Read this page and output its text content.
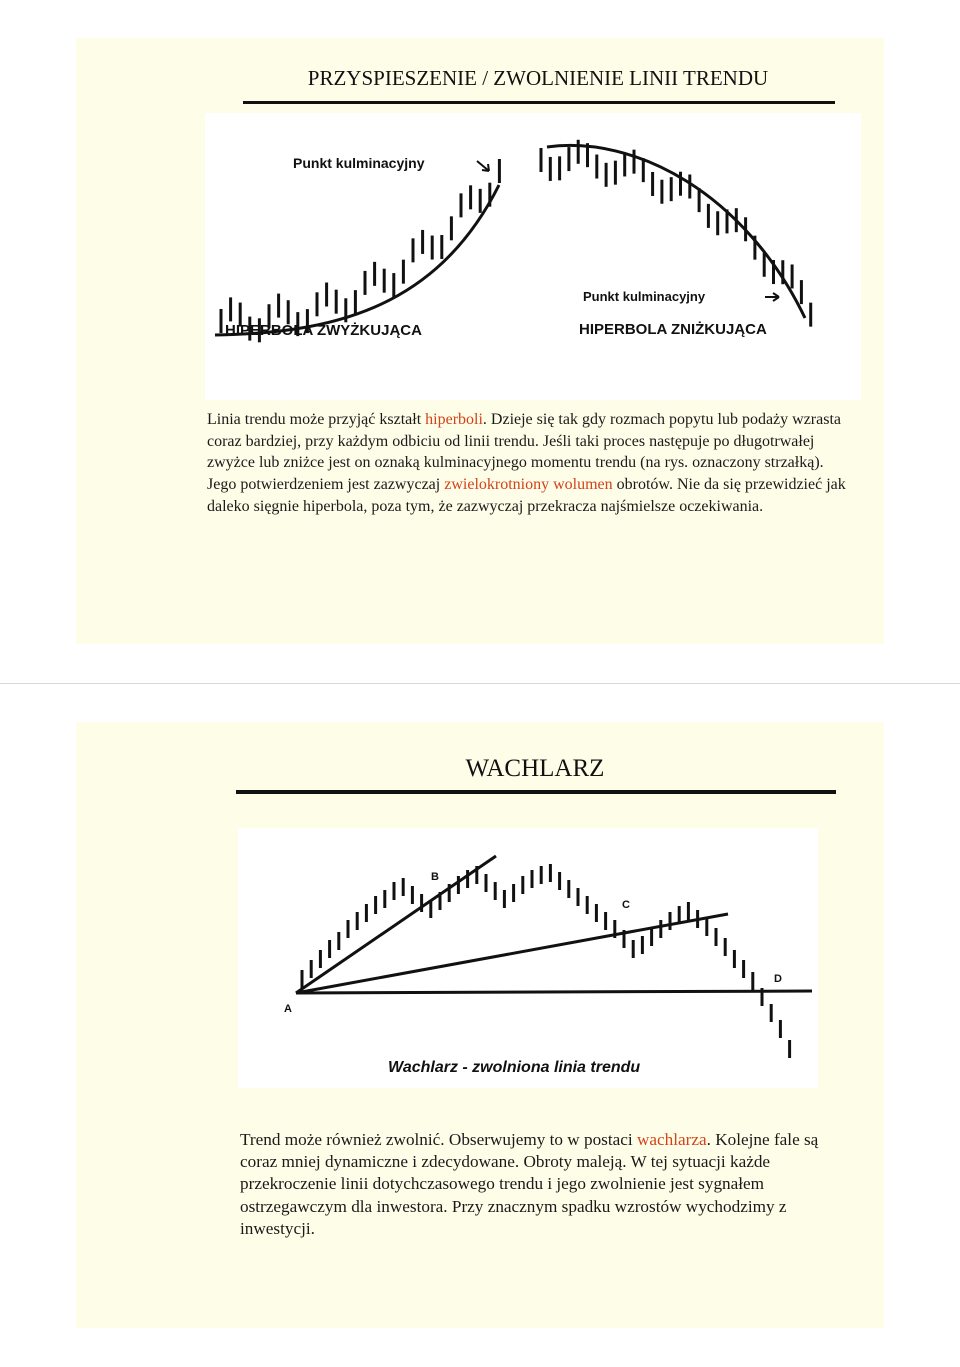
PRZYSPIESZENIE / ZWOLNIENIE LINII TRENDU
Punkt kulminacyjny
Punkt kulminacyjny
HIPERBOLA ZWYŻKUJĄCA	HIPERBOLA ZNIŻKUJĄCA
Linia trendu może przyjąć kształt hiperboli. Dzieje się tak gdy rozmach popytu lub podaży wzrasta coraz bardziej, przy każdym odbiciu od linii trendu. Jeśli taki proces następuje po długotrwałej zwyżce lub zniżce jest on oznaką kulminacyjnego momentu trendu (na rys. oznaczony strzałką). Jego potwierdzeniem jest zazwyczaj zwielokrotniony wolumen obrotów. Nie da się przewidzieć jak daleko sięgnie hiperbola, poza tym, że zazwyczaj przekracza najśmielsze oczekiwania.
WACHLARZ
A
B
C
D
Wachlarz - zwolniona linia trendu
Trend może również zwolnić. Obserwujemy to w postaci wachlarza. Kolejne fale są coraz mniej dynamiczne i zdecydowane. Obroty maleją. W tej sytuacji każde przekroczenie linii dotychczasowego trendu i jego zwolnienie jest sygnałem ostrzegawczym dla inwestora. Przy znacznym spadku wzrostów wychodzimy z inwestycji.
